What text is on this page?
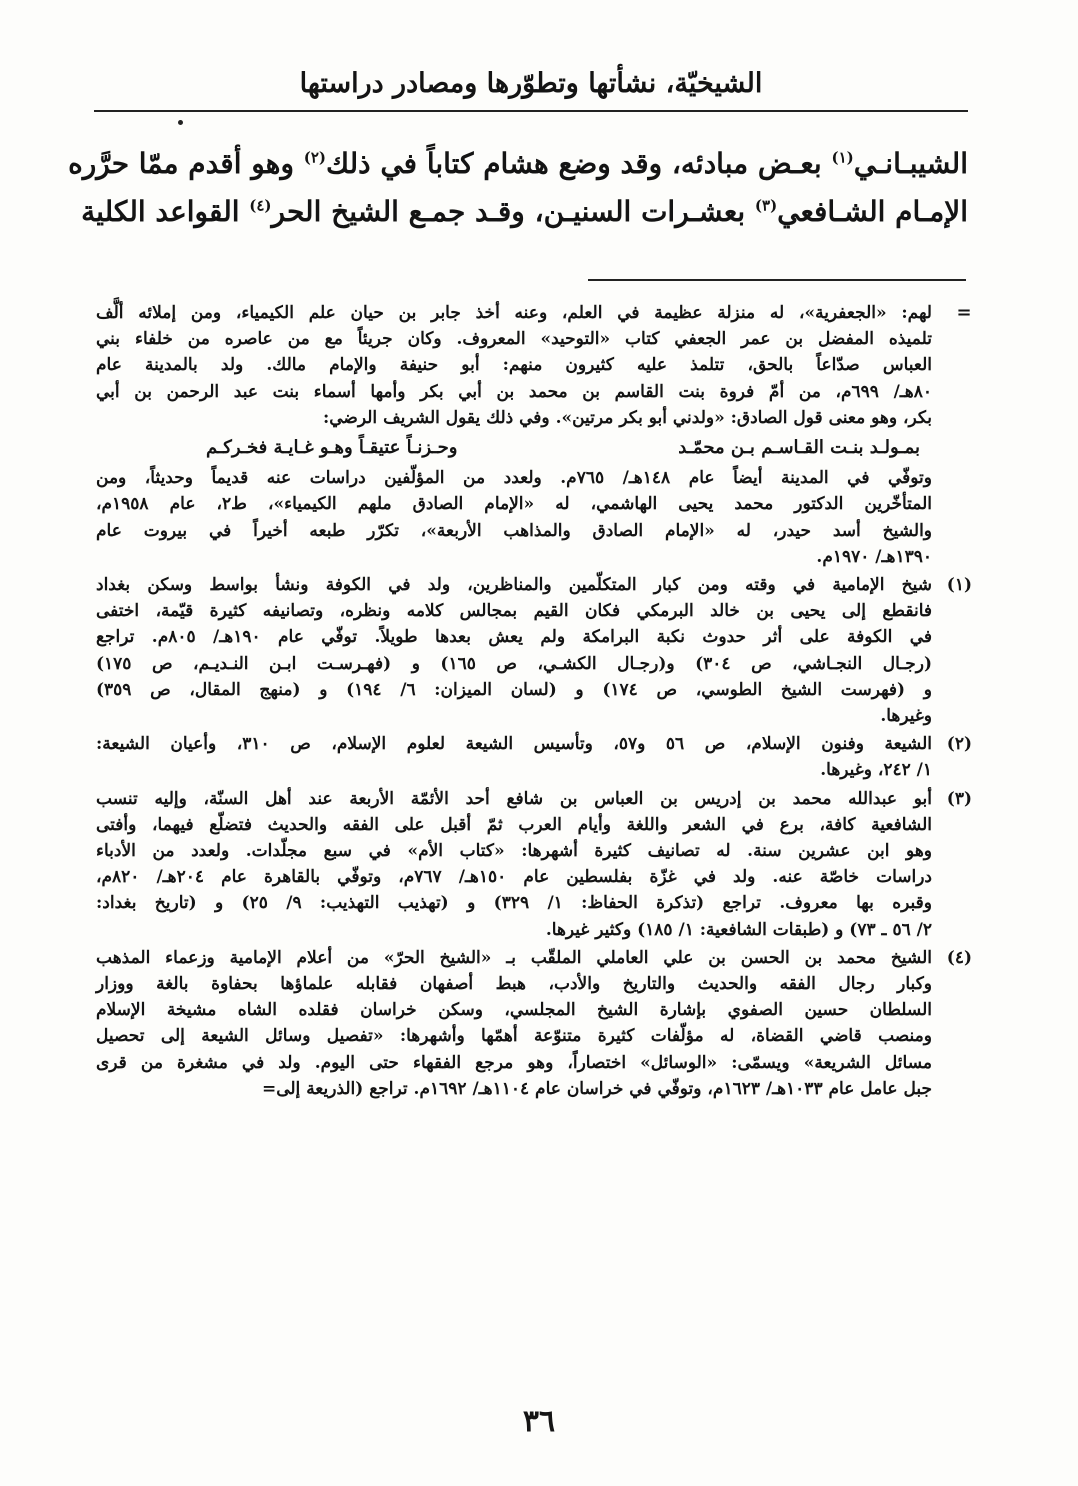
الشيخيّة، نشأتها وتطوّرها ومصادر دراستها
الشيبـانـي$^{(١)}$ بعـض مبادئه، وقد وضع هشام كتاباً في ذلك$^{(٢)}$ وهو أقدم ممّا حرَّره
الإمـام الشـافعي$^{(٣)}$ بعشـرات السنيـن، وقـد جمـع الشيخ الحر$^{(٤)}$ القواعد الكلية
=
لهم: «الجعفرية»، له منزلة عظيمة في العلم، وعنه أخذ جابر بن حيان علم الكيمياء، ومن إملائه ألَّف
تلميذه المفضل بن عمر الجعفي كتاب «التوحيد» المعروف. وكان جريئاً مع من عاصره من خلفاء بني
العباس صدّاعاً بالحق، تتلمذ عليه كثيرون منهم: أبو حنيفة والإمام مالك. ولد بالمدينة عام
٨٠هـ/ ٦٩٩م، من أمّ فروة بنت القاسم بن محمد بن أبي بكر وأمها أسماء بنت عبد الرحمن بن أبي
بكر، وهو معنى قول الصادق: «ولدني أبو بكر مرتين». وفي ذلك يقول الشريف الرضي:
بمـولـد بنـت القـاسـم بـن محمّـد
وحـزنـاً عتيقـاً وهـو غـايـة فخـركـم
وتوفّي في المدينة أيضاً عام ١٤٨هـ/ ٧٦٥م. ولعدد من المؤلّفين دراسات عنه قديماً وحديثاً، ومن
المتأخّرين الدكتور محمد يحيى الهاشمي، له «الإمام الصادق ملهم الكيمياء»، ط٢، عام ١٩٥٨م،
والشيخ أسد حيدر، له «الإمام الصادق والمذاهب الأربعة»، تكرّر طبعه أخيراً في بيروت عام
١٣٩٠هـ/ ١٩٧٠م.
(١)
شيخ الإمامية في وقته ومن كبار المتكلّمين والمناظرين، ولد في الكوفة ونشأ بواسط وسكن بغداد
فانقطع إلى يحيى بن خالد البرمكي فكان القيم بمجالس كلامه ونظره، وتصانيفه كثيرة قيّمة، اختفى
في الكوفة على أثر حدوث نكبة البرامكة ولم يعش بعدها طويلاً. توفّي عام ١٩٠هـ/ ٨٠٥م. تراجع
(رجـال النجـاشي، ص ٣٠٤) و(رجـال الكشـي، ص ١٦٥) و (فهـرسـت ابـن النـديـم، ص ١٧٥)
و (فهرست الشيخ الطوسي، ص ١٧٤) و (لسان الميزان: ٦/ ١٩٤) و (منهج المقال، ص ٣٥٩)
وغيرها.
(٢)
الشيعة وفنون الإسلام، ص ٥٦ و٥٧، وتأسيس الشيعة لعلوم الإسلام، ص ٣١٠، وأعيان الشيعة:
١/ ٢٤٢، وغيرها.
(٣)
أبو عبدالله محمد بن إدريس بن العباس بن شافع أحد الأئمّة الأربعة عند أهل السنّة، وإليه تنسب
الشافعية كافة، برع في الشعر واللغة وأيام العرب ثمّ أقبل على الفقه والحديث فتضلّع فيهما، وأفتى
وهو ابن عشرين سنة. له تصانيف كثيرة أشهرها: «كتاب الأم» في سبع مجلّدات. ولعدد من الأدباء
دراسات خاصّة عنه. ولد في غزّة بفلسطين عام ١٥٠هـ/ ٧٦٧م، وتوفّي بالقاهرة عام ٢٠٤هـ/ ٨٢٠م،
وقبره بها معروف. تراجع (تذكرة الحفاظ: ١/ ٣٢٩) و (تهذيب التهذيب: ٩/ ٢٥) و (تاريخ بغداد:
٢/ ٥٦ ـ ٧٣) و (طبقات الشافعية: ١/ ١٨٥) وكثير غيرها.
(٤)
الشيخ محمد بن الحسن بن علي العاملي الملقّب بـ «الشيخ الحرّ» من أعلام الإمامية وزعماء المذهب
وكبار رجال الفقه والحديث والتاريخ والأدب، هبط أصفهان فقابله علماؤها بحفاوة بالغة ووزار
السلطان حسين الصفوي بإشارة الشيخ المجلسي، وسكن خراسان فقلده الشاه مشيخة الإسلام
ومنصب قاضي القضاة، له مؤلّفات كثيرة متنوّعة أهمّها وأشهرها: «تفصيل وسائل الشيعة إلى تحصيل
مسائل الشريعة» ويسمّى: «الوسائل» اختصاراً، وهو مرجع الفقهاء حتى اليوم. ولد في مشغرة من قرى
جبل عامل عام ١٠٣٣هـ/ ١٦٢٣م، وتوفّي في خراسان عام ١١٠٤هـ/ ١٦٩٢م. تراجع (الذريعة إلى=
٣٦
